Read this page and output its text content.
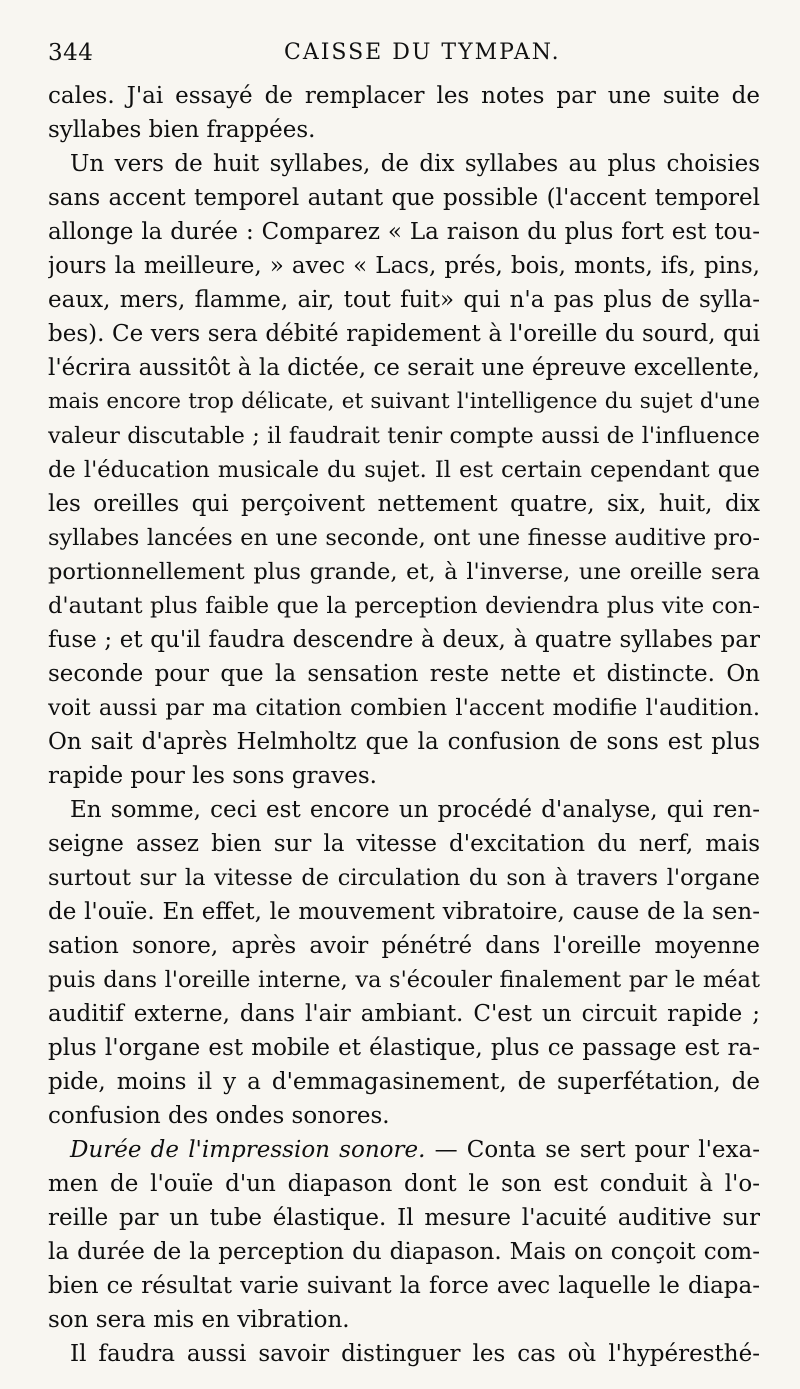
344	CAISSE DU TYMPAN.
cales. J'ai essayé de remplacer les notes par une suite de
syllabes bien frappées.
Un vers de huit syllabes, de dix syllabes au plus choisies
sans accent temporel autant que possible (l'accent temporel
allonge la durée : Comparez « La raison du plus fort est tou-
jours la meilleure, » avec « Lacs, prés, bois, monts, ifs, pins,
eaux, mers, flamme, air, tout fuit» qui n'a pas plus de sylla-
bes). Ce vers sera débité rapidement à l'oreille du sourd, qui
l'écrira aussitôt à la dictée, ce serait une épreuve excellente,
mais encore trop délicate, et suivant l'intelligence du sujet d'une
valeur discutable ; il faudrait tenir compte aussi de l'influence
de l'éducation musicale du sujet. Il est certain cependant que
les oreilles qui perçoivent nettement quatre, six, huit, dix
syllabes lancées en une seconde, ont une finesse auditive pro-
portionnellement plus grande, et, à l'inverse, une oreille sera
d'autant plus faible que la perception deviendra plus vite con-
fuse ; et qu'il faudra descendre à deux, à quatre syllabes par
seconde pour que la sensation reste nette et distincte. On
voit aussi par ma citation combien l'accent modifie l'audition.
On sait d'après Helmholtz que la confusion de sons est plus
rapide pour les sons graves.
En somme, ceci est encore un procédé d'analyse, qui ren-
seigne assez bien sur la vitesse d'excitation du nerf, mais
surtout sur la vitesse de circulation du son à travers l'organe
de l'ouïe. En effet, le mouvement vibratoire, cause de la sen-
sation sonore, après avoir pénétré dans l'oreille moyenne
puis dans l'oreille interne, va s'écouler finalement par le méat
auditif externe, dans l'air ambiant. C'est un circuit rapide ;
plus l'organe est mobile et élastique, plus ce passage est ra-
pide, moins il y a d'emmagasinement, de superfétation, de
confusion des ondes sonores.
Durée de l'impression sonore. — Conta se sert pour l'exa-
men de l'ouïe d'un diapason dont le son est conduit à l'o-
reille par un tube élastique. Il mesure l'acuité auditive sur
la durée de la perception du diapason. Mais on conçoit com-
bien ce résultat varie suivant la force avec laquelle le diapa-
son sera mis en vibration.
Il faudra aussi savoir distinguer les cas où l'hypéresthé-
